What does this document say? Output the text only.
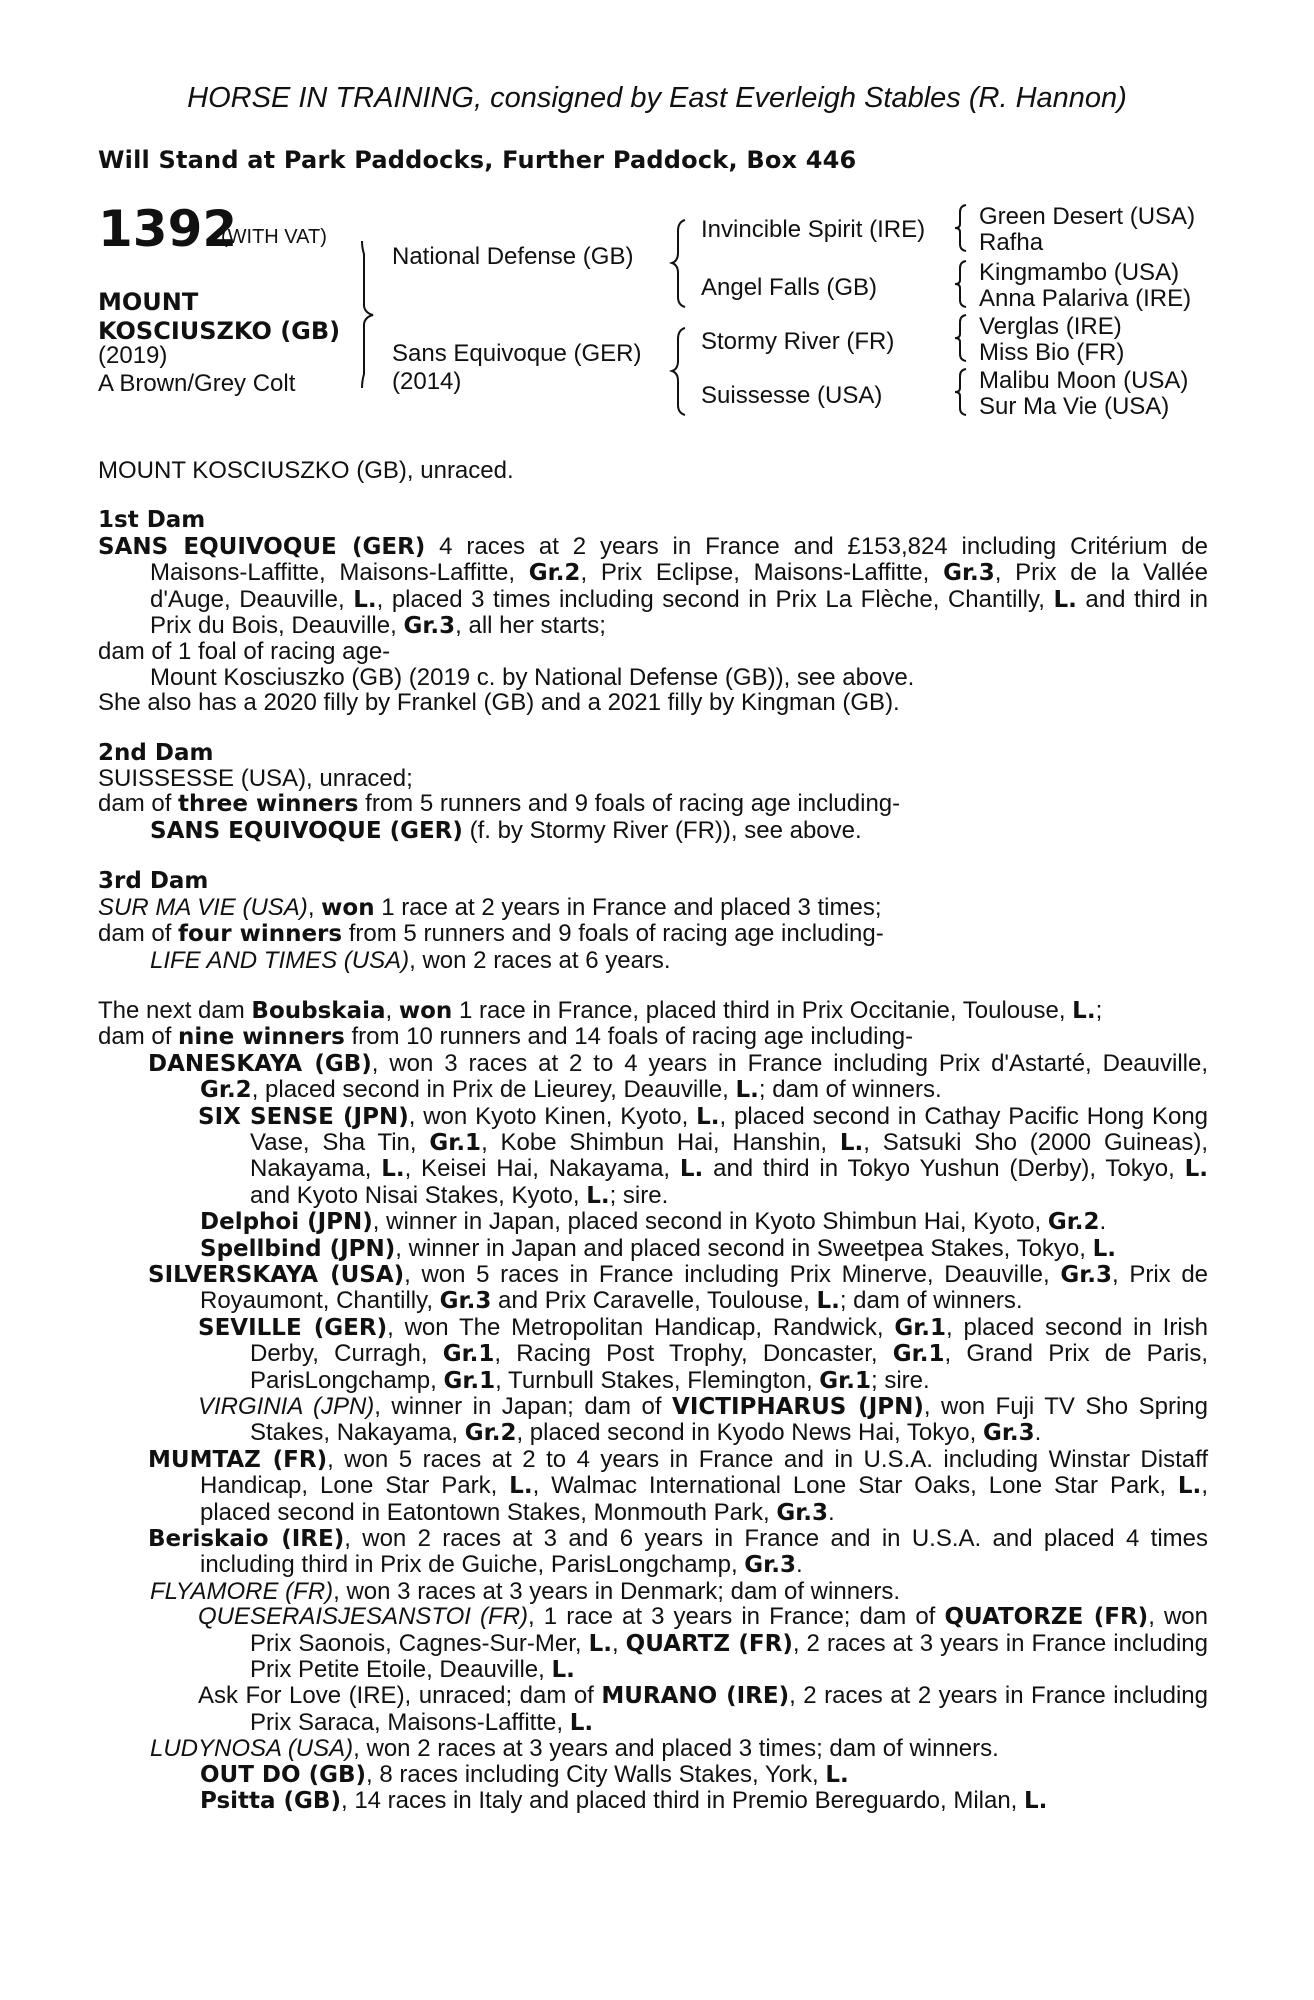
HORSE IN TRAINING, consigned by East Everleigh Stables (R. Hannon)
Will Stand at Park Paddocks, Further Paddock, Box 446
1392
(WITH VAT)
MOUNT
KOSCIUSZKO (GB)
(2019)
A Brown/Grey Colt
National Defense (GB)
Sans Equivoque (GER)
(2014)
Invincible Spirit (IRE)
Angel Falls (GB)
Stormy River (FR)
Suissesse (USA)
Green Desert (USA)
Rafha
Kingmambo (USA)
Anna Palariva (IRE)
Verglas (IRE)
Miss Bio (FR)
Malibu Moon (USA)
Sur Ma Vie (USA)

MOUNT KOSCIUSZKO (GB), unraced.

1st Dam

SANS EQUIVOQUE (GER) 4 races at 2 years in France and £153,824 including Critérium de Maisons-Laffitte, Maisons-Laffitte, Gr.2, Prix Eclipse, Maisons-Laffitte, Gr.3, Prix de la Vallée d'Auge, Deauville, L., placed 3 times including second in Prix La Flèche, Chantilly, L. and third in Prix du Bois, Deauville, Gr.3, all her starts;

dam of 1 foal of racing age-

Mount Kosciuszko (GB) (2019 c. by National Defense (GB)), see above.

She also has a 2020 filly by Frankel (GB) and a 2021 filly by Kingman (GB).

2nd Dam

SUISSESSE (USA), unraced;

dam of three winners from 5 runners and 9 foals of racing age including-

SANS EQUIVOQUE (GER) (f. by Stormy River (FR)), see above.

3rd Dam

SUR MA VIE (USA), won 1 race at 2 years in France and placed 3 times;

dam of four winners from 5 runners and 9 foals of racing age including-

LIFE AND TIMES (USA), won 2 races at 6 years.

The next dam Boubskaia, won 1 race in France, placed third in Prix Occitanie, Toulouse, L.;

dam of nine winners from 10 runners and 14 foals of racing age including-

DANESKAYA (GB), won 3 races at 2 to 4 years in France including Prix d'Astarté, Deauville, Gr.2, placed second in Prix de Lieurey, Deauville, L.; dam of winners.

SIX SENSE (JPN), won Kyoto Kinen, Kyoto, L., placed second in Cathay Pacific Hong Kong Vase, Sha Tin, Gr.1, Kobe Shimbun Hai, Hanshin, L., Satsuki Sho (2000 Guineas), Nakayama, L., Keisei Hai, Nakayama, L. and third in Tokyo Yushun (Derby), Tokyo, L. and Kyoto Nisai Stakes, Kyoto, L.; sire.

Delphoi (JPN), winner in Japan, placed second in Kyoto Shimbun Hai, Kyoto, Gr.2.

Spellbind (JPN), winner in Japan and placed second in Sweetpea Stakes, Tokyo, L.

SILVERSKAYA (USA), won 5 races in France including Prix Minerve, Deauville, Gr.3, Prix de Royaumont, Chantilly, Gr.3 and Prix Caravelle, Toulouse, L.; dam of winners.

SEVILLE (GER), won The Metropolitan Handicap, Randwick, Gr.1, placed second in Irish Derby, Curragh, Gr.1, Racing Post Trophy, Doncaster, Gr.1, Grand Prix de Paris, ParisLongchamp, Gr.1, Turnbull Stakes, Flemington, Gr.1; sire.

VIRGINIA (JPN), winner in Japan; dam of VICTIPHARUS (JPN), won Fuji TV Sho Spring Stakes, Nakayama, Gr.2, placed second in Kyodo News Hai, Tokyo, Gr.3.

MUMTAZ (FR), won 5 races at 2 to 4 years in France and in U.S.A. including Winstar Distaff Handicap, Lone Star Park, L., Walmac International Lone Star Oaks, Lone Star Park, L., placed second in Eatontown Stakes, Monmouth Park, Gr.3.

Beriskaio (IRE), won 2 races at 3 and 6 years in France and in U.S.A. and placed 4 times including third in Prix de Guiche, ParisLongchamp, Gr.3.

FLYAMORE (FR), won 3 races at 3 years in Denmark; dam of winners.

QUESERAISJESANSTOI (FR), 1 race at 3 years in France; dam of QUATORZE (FR), won Prix Saonois, Cagnes-Sur-Mer, L., QUARTZ (FR), 2 races at 3 years in France including Prix Petite Etoile, Deauville, L.

Ask For Love (IRE), unraced; dam of MURANO (IRE), 2 races at 2 years in France including Prix Saraca, Maisons-Laffitte, L.

LUDYNOSA (USA), won 2 races at 3 years and placed 3 times; dam of winners.

OUT DO (GB), 8 races including City Walls Stakes, York, L.

Psitta (GB), 14 races in Italy and placed third in Premio Bereguardo, Milan, L.
